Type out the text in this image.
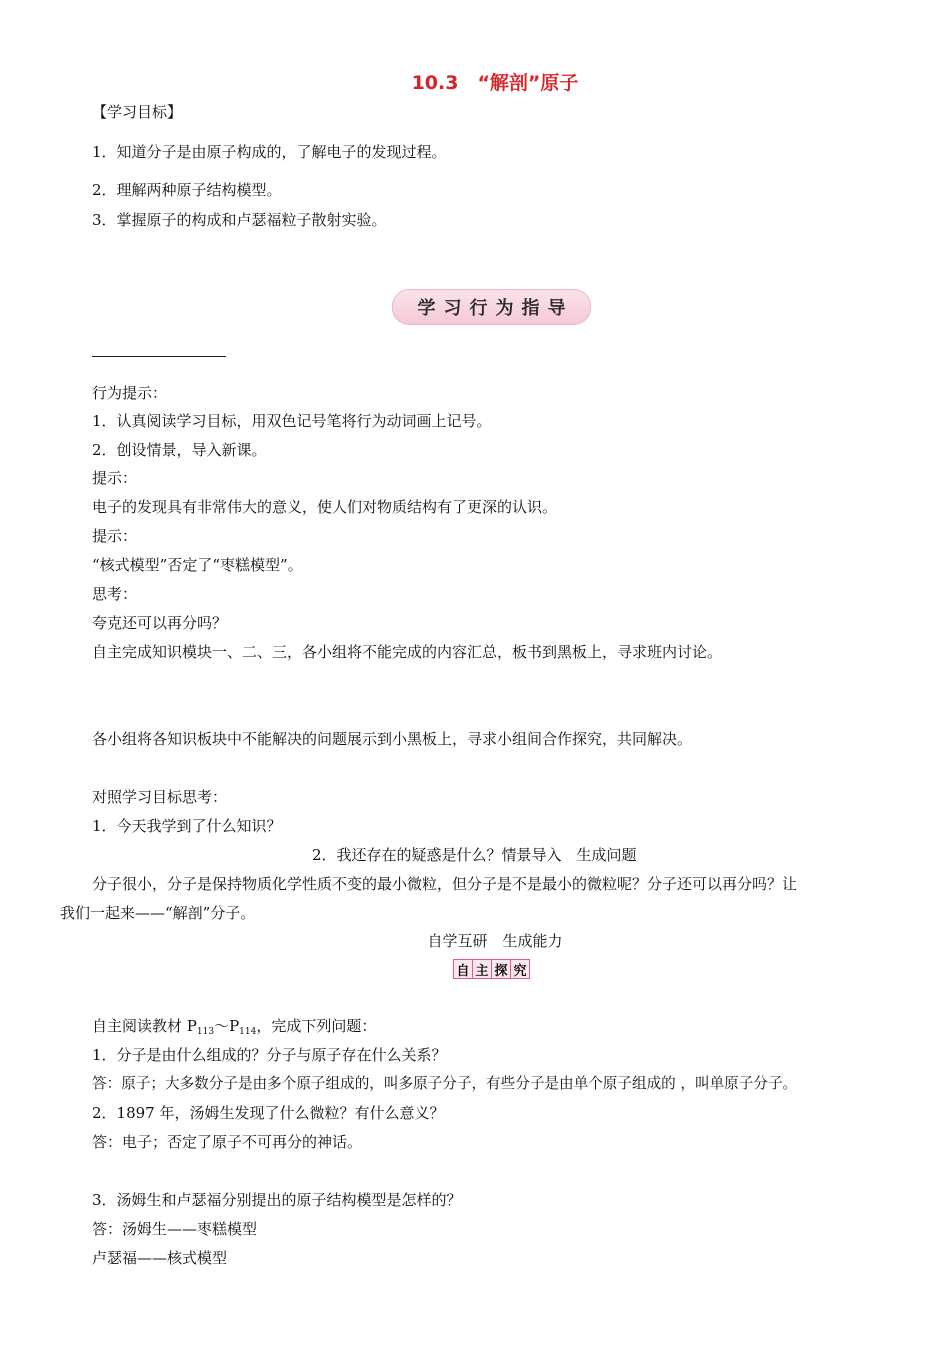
10.3　“解剖”原子
【学习目标】
1．知道分子是由原子构成的，了解电子的发现过程。
2．理解两种原子结构模型。
3．掌握原子的构成和卢瑟福粒子散射实验。
学习行为指导
行为提示：
1．认真阅读学习目标，用双色记号笔将行为动词画上记号。
2．创设情景，导入新课。
提示：
电子的发现具有非常伟大的意义，使人们对物质结构有了更深的认识。
提示：
“核式模型”否定了“枣糕模型”。
思考：
夸克还可以再分吗？
自主完成知识模块一、二、三，各小组将不能完成的内容汇总，板书到黑板上，寻求班内讨论。
各小组将各知识板块中不能解决的问题展示到小黑板上，寻求小组间合作探究，共同解决。
对照学习目标思考：
1．今天我学到了什么知识？
2．我还存在的疑惑是什么？情景导入　生成问题
分子很小，分子是保持物质化学性质不变的最小微粒，但分子是不是最小的微粒呢？分子还可以再分吗？让
我们一起来——“解剖”分子。
自学互研　生成能力
自 主 探 究
自主阅读教材 $P_{113}\sim P_{114}$，完成下列问题：
1．分子是由什么组成的？分子与原子存在什么关系？
答：原子；大多数分子是由多个原子组成的，叫多原子分子，有些分子是由单个原子组成的 ，叫单原子分子。
2．1897 年，汤姆生发现了什么微粒？有什么意义？
答：电子；否定了原子不可再分的神话。
3．汤姆生和卢瑟福分别提出的原子结构模型是怎样的？
答：汤姆生——枣糕模型
卢瑟福——核式模型
